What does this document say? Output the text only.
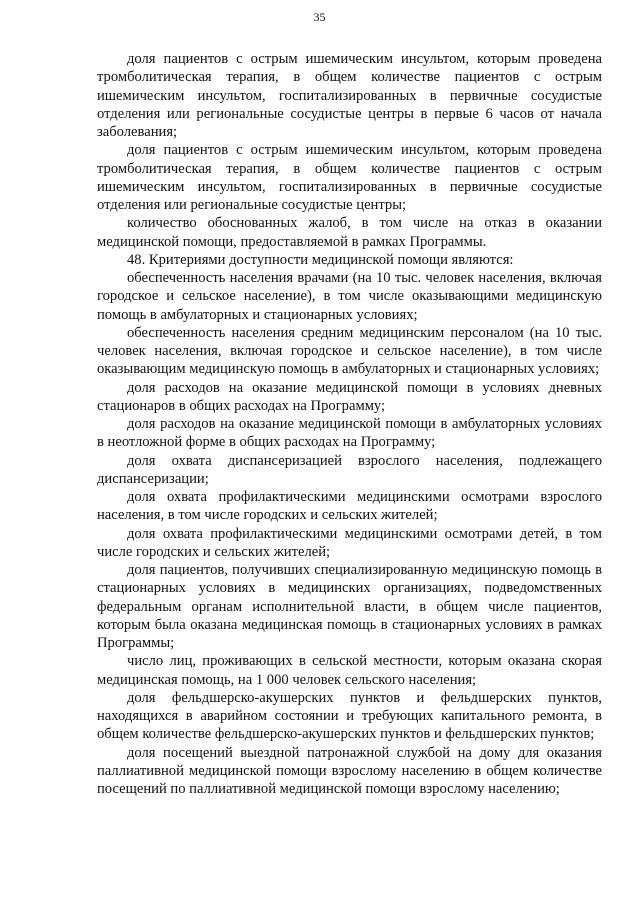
35

доля пациентов с острым ишемическим инсультом, которым проведена тромболитическая терапия, в общем количестве пациентов с острым ишемическим инсультом, госпитализированных в первичные сосудистые отделения или региональные сосудистые центры в первые 6 часов от начала заболевания;

доля пациентов с острым ишемическим инсультом, которым проведена тромболитическая терапия, в общем количестве пациентов с острым ишемическим инсультом, госпитализированных в первичные сосудистые отделения или региональные сосудистые центры;

количество обоснованных жалоб, в том числе на отказ в оказании медицинской помощи, предоставляемой в рамках Программы.

48. Критериями доступности медицинской помощи являются:

обеспеченность населения врачами (на 10 тыс. человек населения, включая городское и сельское население), в том числе оказывающими медицинскую помощь в амбулаторных и стационарных условиях;

обеспеченность населения средним медицинским персоналом (на 10 тыс. человек населения, включая городское и сельское население), в том числе оказывающим медицинскую помощь в амбулаторных и стационарных условиях;

доля расходов на оказание медицинской помощи в условиях дневных стационаров в общих расходах на Программу;

доля расходов на оказание медицинской помощи в амбулаторных условиях в неотложной форме в общих расходах на Программу;

доля охвата диспансеризацией взрослого населения, подлежащего диспансеризации;

доля охвата профилактическими медицинскими осмотрами взрослого населения, в том числе городских и сельских жителей;

доля охвата профилактическими медицинскими осмотрами детей, в том числе городских и сельских жителей;

доля пациентов, получивших специализированную медицинскую помощь в стационарных условиях в медицинских организациях, подведомственных федеральным органам исполнительной власти, в общем числе пациентов, которым была оказана медицинская помощь в стационарных условиях в рамках Программы;

число лиц, проживающих в сельской местности, которым оказана скорая медицинская помощь, на 1 000 человек сельского населения;

доля фельдшерско-акушерских пунктов и фельдшерских пунктов, находящихся в аварийном состоянии и требующих капитального ремонта, в общем количестве фельдшерско-акушерских пунктов и фельдшерских пунктов;

доля посещений выездной патронажной службой на дому для оказания паллиативной медицинской помощи взрослому населению в общем количестве посещений по паллиативной медицинской помощи взрослому населению;
